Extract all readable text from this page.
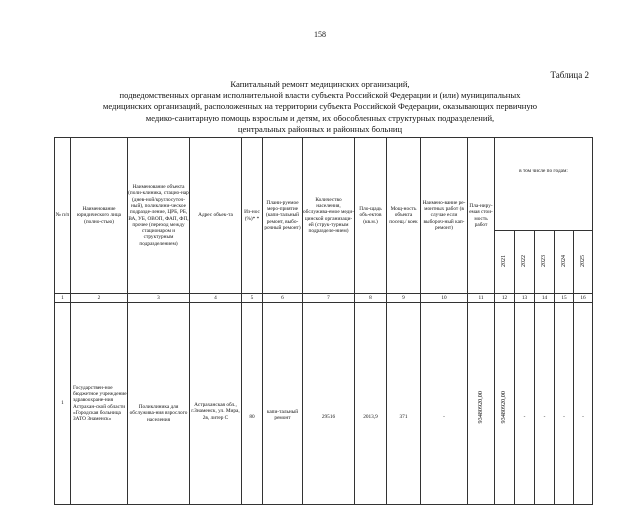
158
Таблица 2
Капитальный ремонт медицинских организаций,
подведомственных органам исполнительной власти субъекта Российской Федерации и (или) муниципальных
медицинских организаций, расположенных на территории субъекта Российской Федерации, оказывающих первичную
медико-санитарную помощь взрослым и детям, их обособленных структурных подразделений,
центральных районных и районных больниц
№ п/п	Наименование юридического лица (полно-стью)	Наименование объекта (поли-клиника, стацио-нар (днев-ной/круглосуточ-ный), поликлини-ческое подразде-ление, ЦРБ, РБ, ВА, УБ, ОВОП, ФАП, ФП, прочее (переход между стационаром и структурным подразделением)	Адрес объек-та	Из-нос (%)* *	Плани-руемое меро-приятие (капи-тальный ремонт, выбо-рочный ремонт)	Количество населения, обслужива-емое меди-цинской организаци-ей (струк-турным подразделе-нием)	Пло-щадь объ-ектов (кв.м.)	Мощ-ность объекта посещ./ коек	Наимено-вание ре-монтных работ (в случае если выбороч-ный кап-ремонт)	Пла-ниру-емая стои-мость работ	в том числе по годам:				
											2021	2022	2023	2024	2025
1	2	3	4	5	6	7	8	9	10	11	12	13	14	15	16
1	Государствен-ное бюджетное учреждение здравоохране-ния Астрахан-ской области «Городская больница ЗАТО Знаменск»	Поликлиника для обслужива-ния взрослого населения	Астраханская обл., г.Знаменск, ул. Мира, 2в, литер С	80	капи-тальный ремонт	29516	2013,9	371	-	93480920,00	93480920,00	-	-	-	-
